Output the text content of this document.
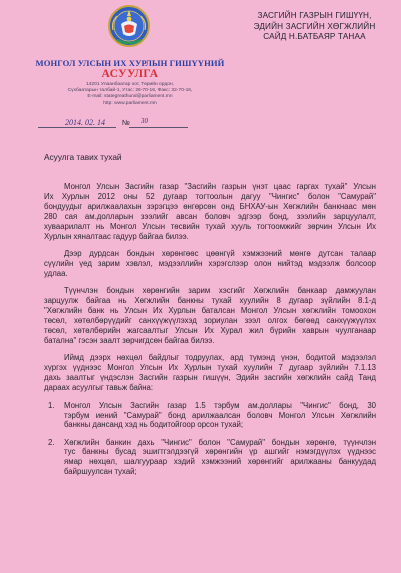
МОНГОЛ УЛСЫН ИХ ХУРЛЫН ГИШҮҮНИЙ
АСУУЛГА
14201 Улаанбаатар хот, Төрийн ордон,
Сүхбаатарын талбай-1, Утас: 26-70-16, Факс: 32-70-16,
E-mail: stategreathural@parliament.mn
http: www.parliament.mn
ЗАСГИЙН ГАЗРЫН ГИШҮҮН,
ЭДИЙН ЗАСГИЙН ХӨГЖЛИЙН
САЙД Н.БАТБАЯР ТАНАА
2014. 02. 14 № 30
Асуулга тавих тухай
Монгол Улсын Засгийн газар "Засгийн газрын үнэт цаас гаргах тухай" Улсын
Их Хурлын 2012 оны 52 дугаар тогтоолын дагуу "Чингис" болон "Самурай"
бондуудыг арилжаалахын зэрэгцээ өнгөрсөн онд БНХАУ-ын Хөгжлийн банкнаас мөн
280 сая ам.долларын зээлийг авсан боловч эдгээр бонд, зээлийн зарцуулалт,
хуваарилалт нь Монгол Улсын төсвийн тухай хууль тогтоомжийг зөрчин Улсын Их
Хурлын хяналтаас гадуур байгаа билээ.
Дээр дурдсан бондын хөрөнгөөс цөөнгүй хэмжээний мөнгө дутсан талаар
сүүлийн үед зарим хэвлэл, мэдээллийн хэрэгслээр олон нийтэд мэдээлж болсоор
удлаа.
Түүнчлэн бондын хөрөнгийн зарим хэсгийг Хөгжлийн банкаар дамжуулан
зарцуулж байгаа нь Хөгжлийн банкны тухай хуулийн 8 дугаар зүйлийн 8.1-д
"Хөгжлийн банк нь Улсын Их Хурлын баталсан Монгол Улсын хөгжлийн томоохон
төсөл, хөтөлбөрүүдийг санхүүжүүлэхэд зориулан зээл олгох бөгөөд санхүүжүүлэх
төсөл, хөтөлбөрийн жагсаалтыг Улсын Их Хурал жил бүрийн хаврын чуулганаар
батална" гэсэн заалт зөрчигдсөн байгаа билээ.
Иймд дээрх нөхцөл байдлыг тодруулах, ард түмэнд үнэн, бодитой мэдээлэл
хүргэх үүднээс Монгол Улсын Их Хурлын тухай хуулийн 7 дугаар зүйлийн 7.1.13
дахь заалтыг үндэслэн Засгийн газрын гишүүн, Эдийн засгийн хөгжлийн сайд Танд
дараах асуулгыг тавьж байна:
1. Монгол Улсын Засгийн газар 1.5 тэрбум ам.доллары "Чингис" бонд, 30
тэрбум иений "Самурай" бонд арилжаалсан боловч Монгол Улсын Хөгжлийн
банкны дансанд хэд нь бодитойгоор орсон тухай;
2. Хөгжлийн банкин дахь "Чингис" болон "Самурай" бондын хөрөнгө, түүнчлэн
тус банкны бусад эшигтгэлдээгүй хөрөнгийн үр ашгийг нэмэгдүүлэх үүднээс
ямар нөхцөл, шалгуураар хэдий хэмжээний хөрөнгийг арилжааны банкуудад
байршуулсан тухай;
